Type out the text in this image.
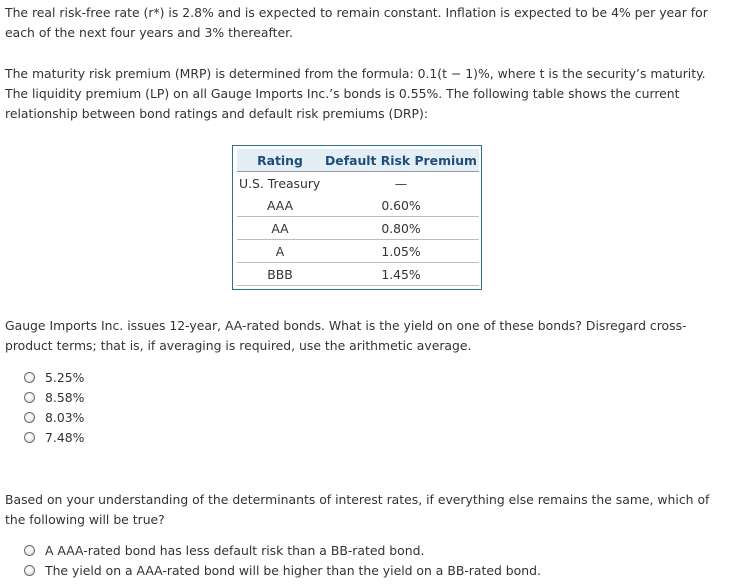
The real risk-free rate (r*) is 2.8% and is expected to remain constant. Inflation is expected to be 4% per year for each of the next four years and 3% thereafter.

The maturity risk premium (MRP) is determined from the formula: 0.1(t − 1)%, where t is the security’s maturity. The liquidity premium (LP) on all Gauge Imports Inc.’s bonds is 0.55%. The following table shows the current relationship between bond ratings and default risk premiums (DRP):

Rating	Default Risk Premium
U.S. Treasury	—
AAA	0.60%
AA	0.80%
A	1.05%
BBB	1.45%

Gauge Imports Inc. issues 12-year, AA-rated bonds. What is the yield on one of these bonds? Disregard cross-product terms; that is, if averaging is required, use the arithmetic average.

5.25%
8.58%
8.03%
7.48%

Based on your understanding of the determinants of interest rates, if everything else remains the same, which of the following will be true?

A AAA-rated bond has less default risk than a BB-rated bond.
The yield on a AAA-rated bond will be higher than the yield on a BB-rated bond.
